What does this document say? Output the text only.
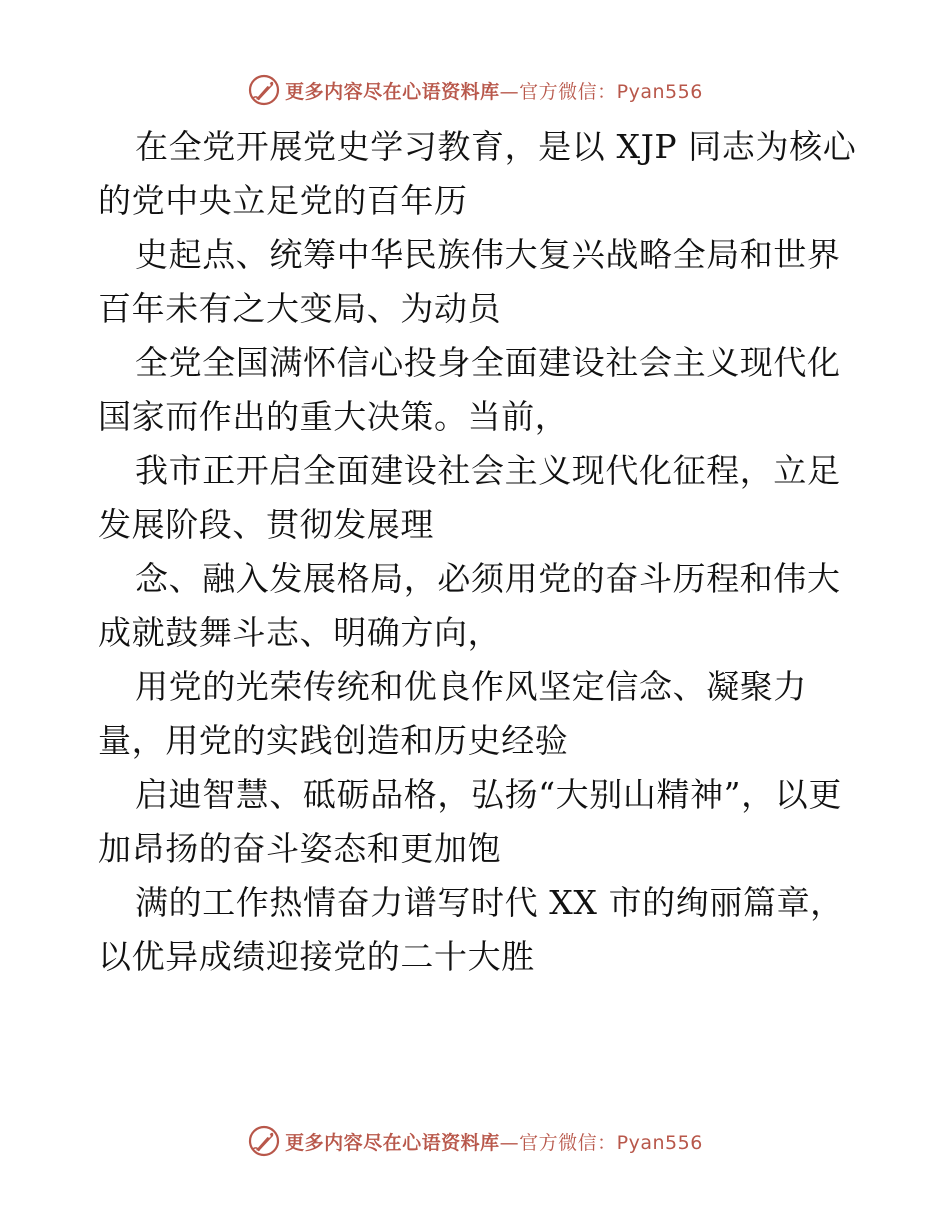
更多内容尽在心语资料库—官方微信：Pyan556

在全党开展党史学习教育，是以 XJP 同志为核心的党中央立足党的百年历

史起点、统筹中华民族伟大复兴战略全局和世界百年未有之大变局、为动员

全党全国满怀信心投身全面建设社会主义现代化国家而作出的重大决策。当前，

我市正开启全面建设社会主义现代化征程，立足发展阶段、贯彻发展理

念、融入发展格局，必须用党的奋斗历程和伟大成就鼓舞斗志、明确方向，

用党的光荣传统和优良作风坚定信念、凝聚力量，用党的实践创造和历史经验

启迪智慧、砥砺品格，弘扬“大别山精神”，以更加昂扬的奋斗姿态和更加饱

满的工作热情奋力谱写时代 XX 市的绚丽篇章，以优异成绩迎接党的二十大胜

更多内容尽在心语资料库—官方微信：Pyan556
